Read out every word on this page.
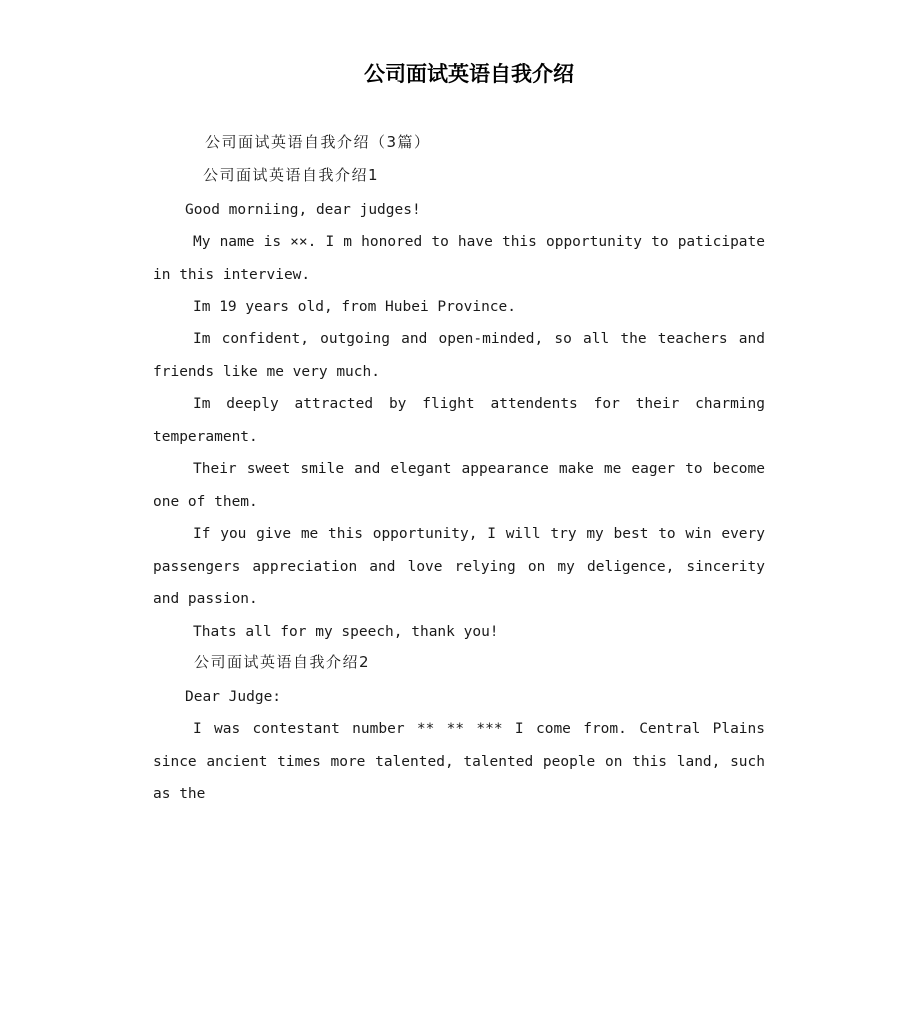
公司面试英语自我介绍
公司面试英语自我介绍（3篇）
公司面试英语自我介绍1
Good morniing, dear judges!
My name is ××. I m honored to have this opportunity to paticipate in this interview.
Im 19 years old, from Hubei Province.
Im confident, outgoing and open-minded, so all the teachers and friends like me very much.
Im deeply attracted by flight attendents for their charming temperament.
Their sweet smile and elegant appearance make me eager to become one of them.
If you give me this opportunity, I will try my best to win every passengers appreciation and love relying on my deligence, sincerity and passion.
Thats all for my speech, thank you!
公司面试英语自我介绍2
Dear Judge:
I was contestant number ** ** *** I come from. Central Plains since ancient times more talented, talented people on this land, such as the
